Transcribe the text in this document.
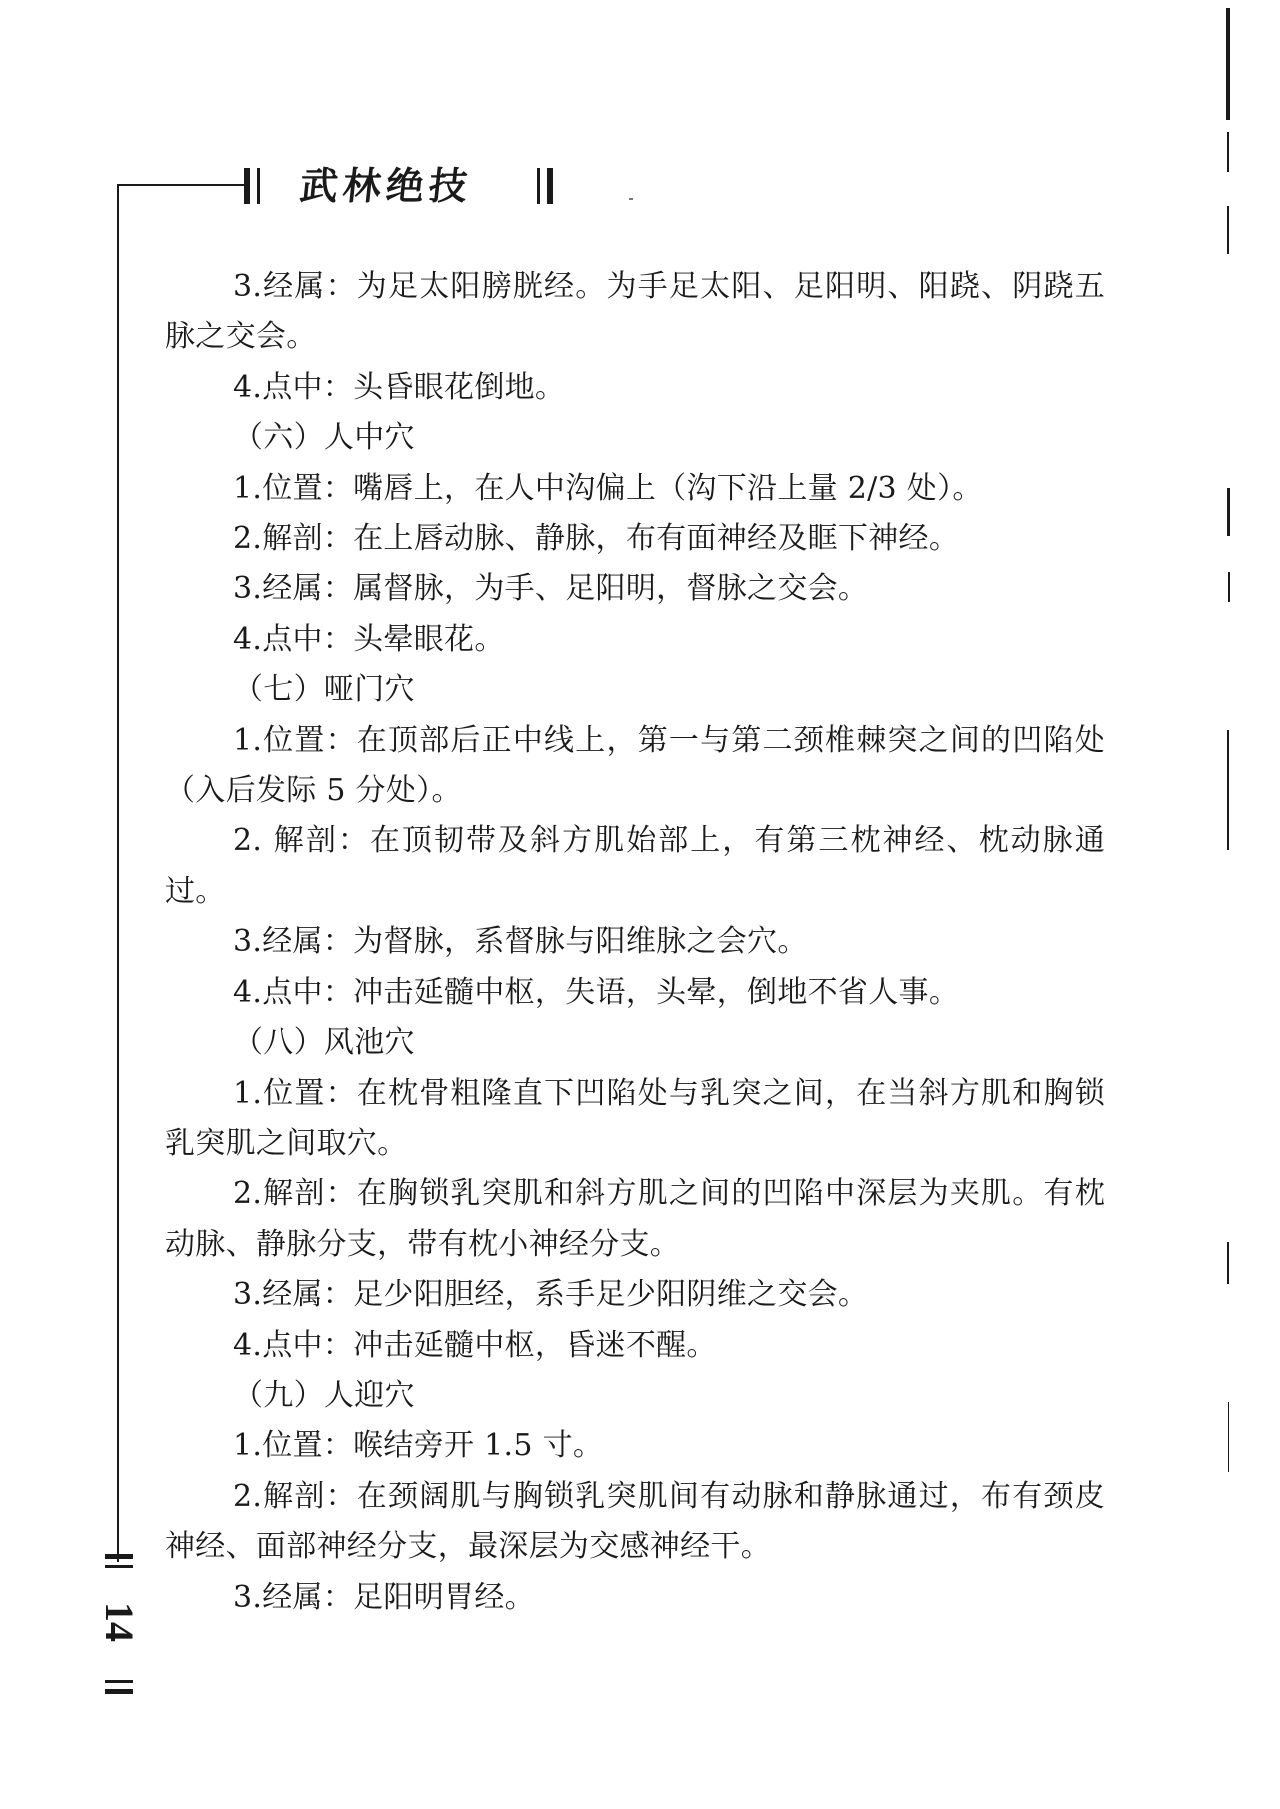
武林绝技
14

3.经属：为足太阳膀胱经。为手足太阳、足阳明、阳跷、阴跷五脉之交会。

4.点中：头昏眼花倒地。

（六）人中穴

1.位置：嘴唇上，在人中沟偏上（沟下沿上量 2/3 处）。

2.解剖：在上唇动脉、静脉，布有面神经及眶下神经。

3.经属：属督脉，为手、足阳明，督脉之交会。

4.点中：头晕眼花。

（七）哑门穴

1.位置：在顶部后正中线上，第一与第二颈椎棘突之间的凹陷处（入后发际 5 分处）。

2. 解剖：在顶韧带及斜方肌始部上，有第三枕神经、枕动脉通过。

3.经属：为督脉，系督脉与阳维脉之会穴。

4.点中：冲击延髓中枢，失语，头晕，倒地不省人事。

（八）风池穴

1.位置：在枕骨粗隆直下凹陷处与乳突之间，在当斜方肌和胸锁乳突肌之间取穴。

2.解剖：在胸锁乳突肌和斜方肌之间的凹陷中深层为夹肌。有枕动脉、静脉分支，带有枕小神经分支。

3.经属：足少阳胆经，系手足少阳阴维之交会。

4.点中：冲击延髓中枢，昏迷不醒。

（九）人迎穴

1.位置：喉结旁开 1.5 寸。

2.解剖：在颈阔肌与胸锁乳突肌间有动脉和静脉通过，布有颈皮神经、面部神经分支，最深层为交感神经干。

3.经属：足阳明胃经。
